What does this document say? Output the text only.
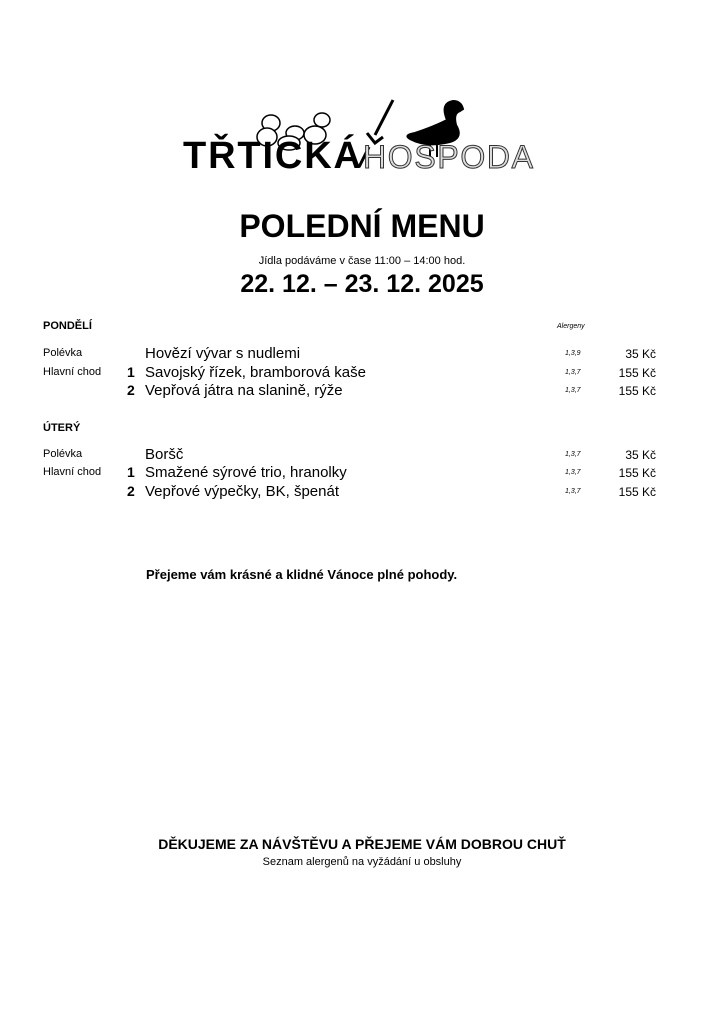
TŘTICKÁ HOSPODA
POLEDNÍ MENU
Jídla podáváme v čase 11:00 – 14:00 hod.
22. 12. – 23. 12. 2025
Alergeny
PONDĚLÍ
Polévka	Hovězí vývar s nudlemi	1,3,9	35 Kč
Hlavní chod 1 Savojský řízek, bramborová kaše	1,3,7	155 Kč
2 Vepřová játra na slanině, rýže	1,3,7	155 Kč
ÚTERÝ
Polévka	Boršč	1,3,7	35 Kč
Hlavní chod 1 Smažené sýrové trio, hranolky	1,3,7	155 Kč
2 Vepřové výpečky, BK, špenát	1,3,7	155 Kč
Přejeme vám krásné a klidné Vánoce plné pohody.
DĚKUJEME ZA NÁVŠTĚVU A PŘEJEME VÁM DOBROU CHUŤ
Seznam alergenů na vyžádání u obsluhy
